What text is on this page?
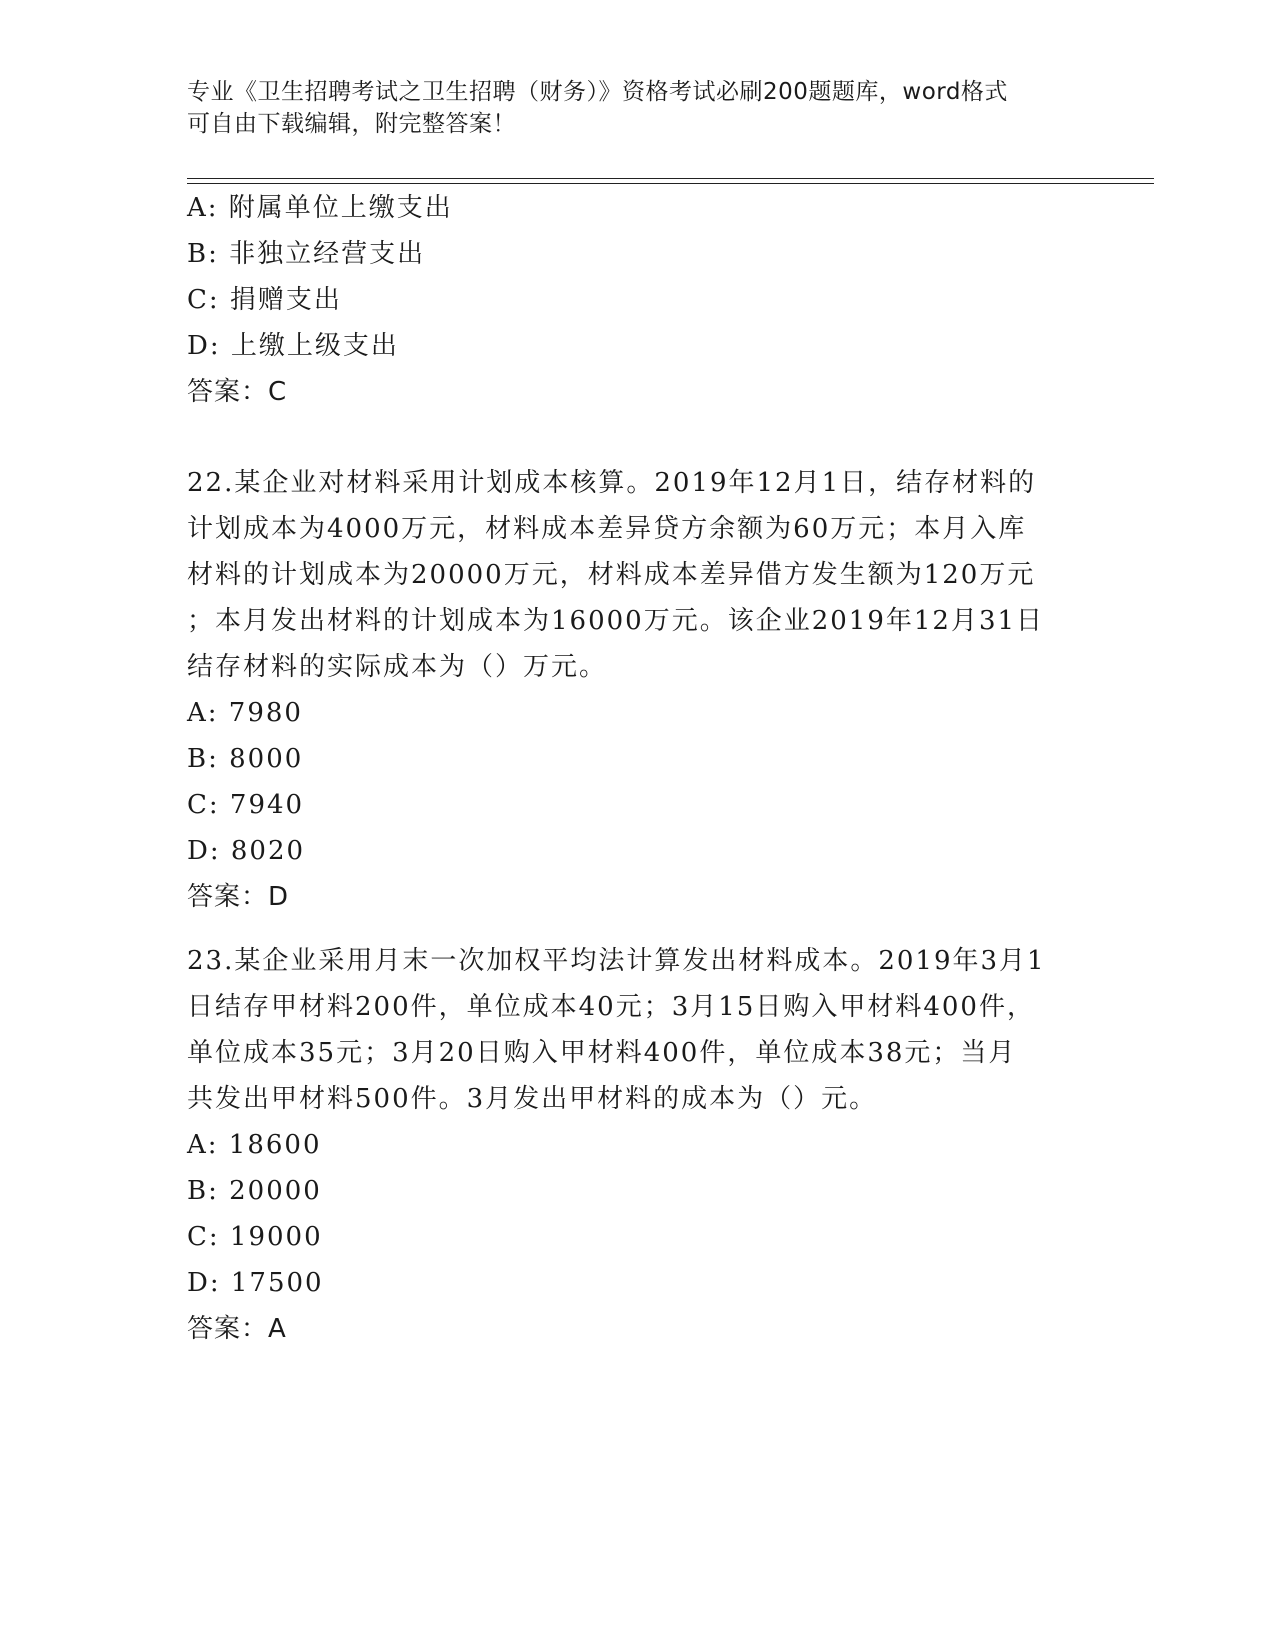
专业《卫生招聘考试之卫生招聘（财务）》资格考试必刷200题题库，word格式
可自由下载编辑，附完整答案！
A: 附属单位上缴支出
B: 非独立经营支出
C: 捐赠支出
D: 上缴上级支出
答案：C
22.某企业对材料采用计划成本核算。2019年12月1日，结存材料的
计划成本为4000万元，材料成本差异贷方余额为60万元；本月入库
材料的计划成本为20000万元，材料成本差异借方发生额为120万元
；本月发出材料的计划成本为16000万元。该企业2019年12月31日
结存材料的实际成本为（）万元。
A: 7980
B: 8000
C: 7940
D: 8020
答案：D
23.某企业采用月末一次加权平均法计算发出材料成本。2019年3月1
日结存甲材料200件，单位成本40元；3月15日购入甲材料400件，
单位成本35元；3月20日购入甲材料400件，单位成本38元；当月
共发出甲材料500件。3月发出甲材料的成本为（）元。
A: 18600
B: 20000
C: 19000
D: 17500
答案：A
